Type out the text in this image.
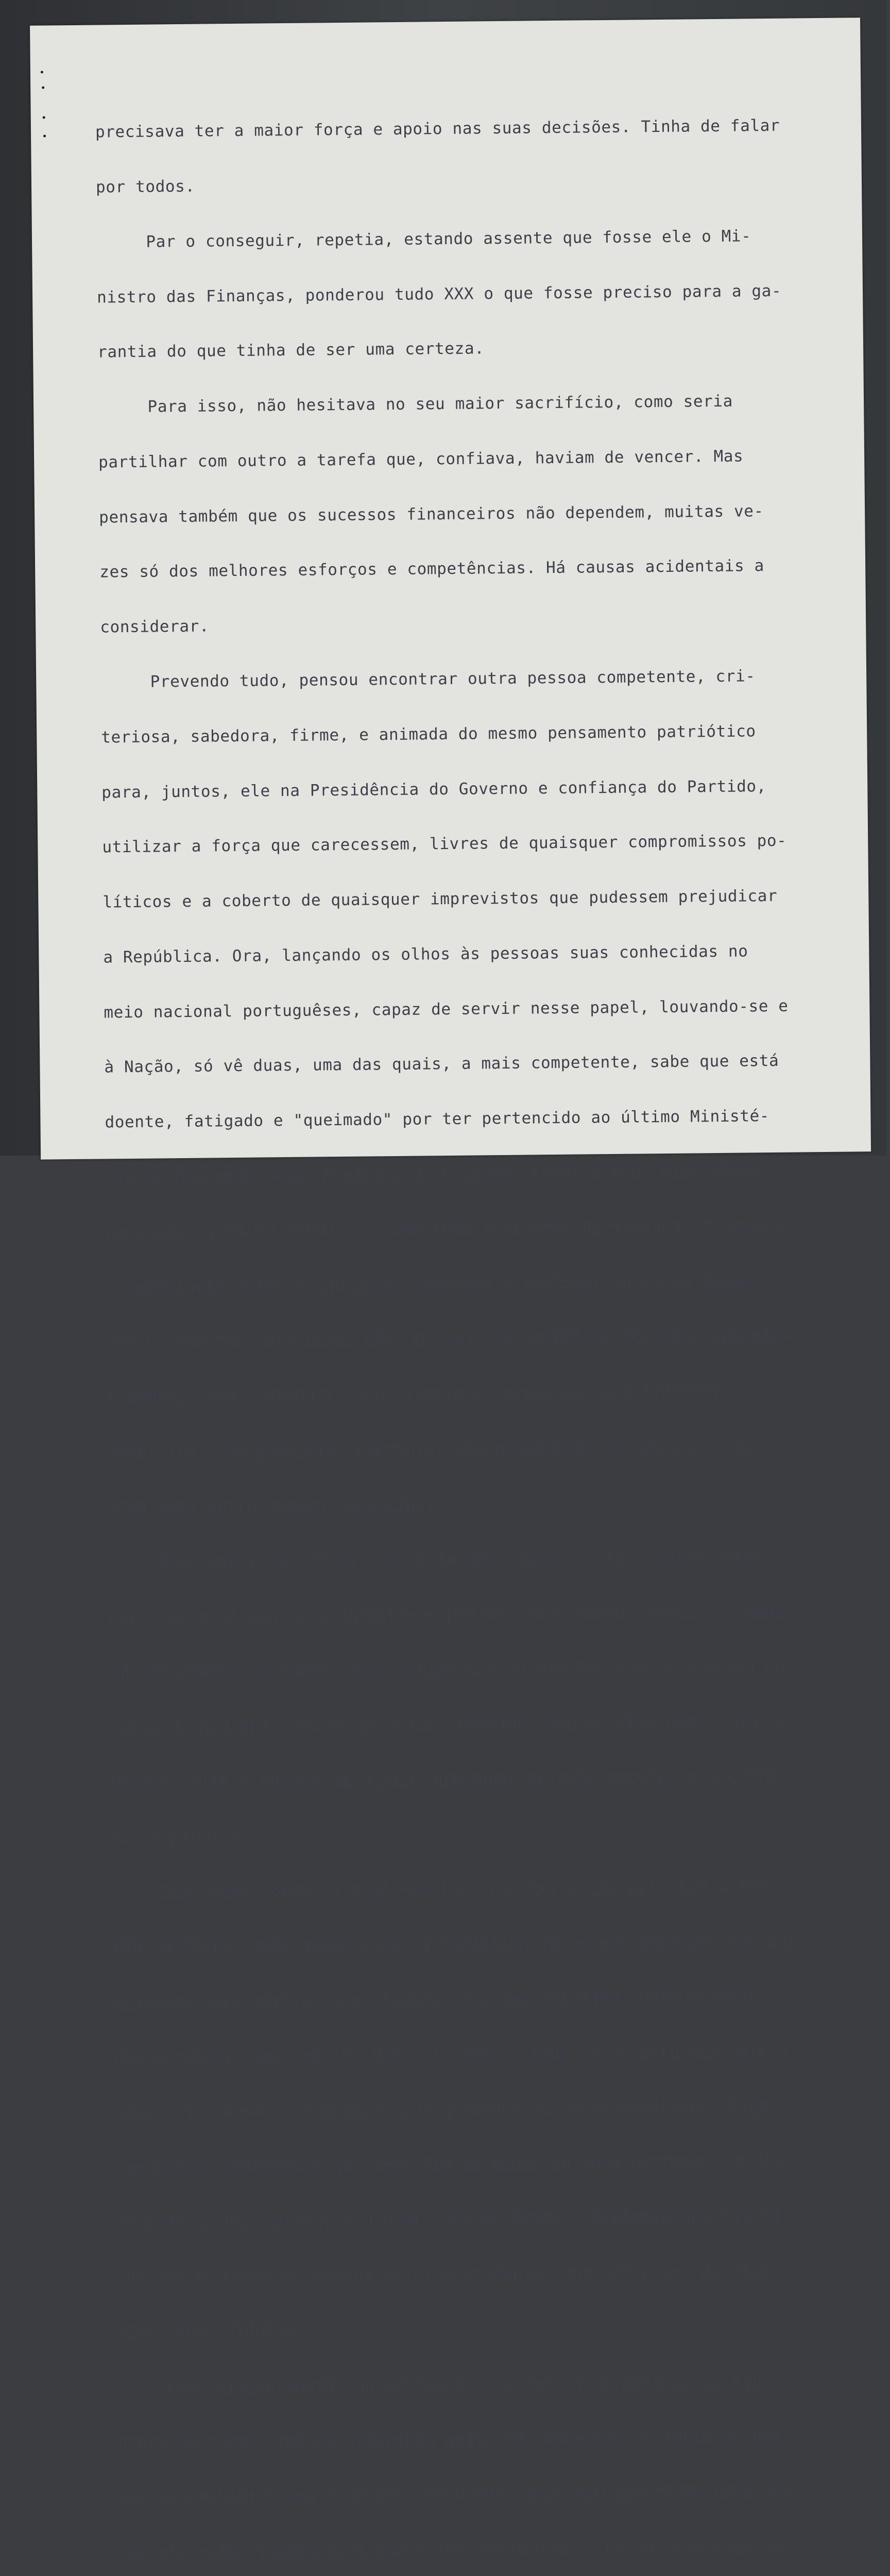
precisava ter a maior força e apoio nas suas decisões. Tinha de falar

por todos.

Par o conseguir, repetia, estando assente que fosse ele o Mi-

nistro das Finanças, ponderou tudo XXX o que fosse preciso para a ga-

rantia do que tinha de ser uma certeza.

Para isso, não hesitava no seu maior sacrifício, como seria

partilhar com outro a tarefa que, confiava, haviam de vencer. Mas

pensava também que os sucessos financeiros não dependem, muitas ve-

zes só dos melhores esforços e competências. Há causas acidentais a

considerar.

Prevendo tudo, pensou encontrar outra pessoa competente, cri-

teriosa, sabedora, firme, e animada do mesmo pensamento patriótico

para, juntos, ele na Presidência do Governo e confiança do Partido,

utilizar a força que carecessem, livres de quaisquer compromissos po-

líticos e a coberto de quaisquer imprevistos que pudessem prejudicar

a República. Ora, lançando os olhos às pessoas suas conhecidas no

meio nacional portuguêses, capaz de servir nesse papel, louvando-se e

à Nação, só vê duas, uma das quais, a mais competente, sabe que está

doente, fatigado e "queimado" por ter pertencido ao último Ministé-

rio da Monarquia como Ministro da Fazenda, tendo ainda, além disso,

um senão de maior vulto -  o das suas propostas de fazenda, firmando

o equilibrio nelas e não só na economia a realisar entre as despe-

sas e receitas correntes. Não. O repto da República foi que, adminis-

trando-se bem, Portugal tinha recursos correntes para triunfar e a

República  sua garantia. Portanto, ele presidindo ao Governo, afir-

mava essa outra pessoa escolhida.

Mas, capaz de ocultar tal situação, agora só lhe ocorre outro

nome, ao qual não pode dirigir-se pedindo esse grande serviço , embo-

ra por provas já dadas, seja conhecedor do assunto como o próprio An-

selmo de Andrade, seu amigo o tem repetido, sendo, além disso, um es-

pírito culto e aberto par poder apaixonar-se pelo serviço e sacrifí-

cio a prestar.

Não pode, porém, dirigir-se-lhe, repete, e não pela sua situa-

ção política, pois nesse gesto a República faria uma selecção dos por-

tugueses pelo mérito, como também já o tem afirmado, demonstrando

não precisar comprová-lo. Não.  A razão é toda só de natureza parti-

cular. Vem desde estudantes, por questões de ordem académica, liga-

das com a preferência que teve XXX no concurso para professor da Uni-

versidade. Essa pessoa era o Dr. Manuel Fratel, Ministro que foi da

Justiça no Governo passado e, presentemente, sub- director do Minis-

tério das Colónias.

Ele, Afonso Costa, na exposição que fez no Directório do seu

ponto de vista, foi de princípio muito mal recebido na ideia de não

ser ele Ministro das Finanças, acabando todos por aceitarem esse pen-

samento pelas vantagens e garantias superiores e um partidarismo es-
